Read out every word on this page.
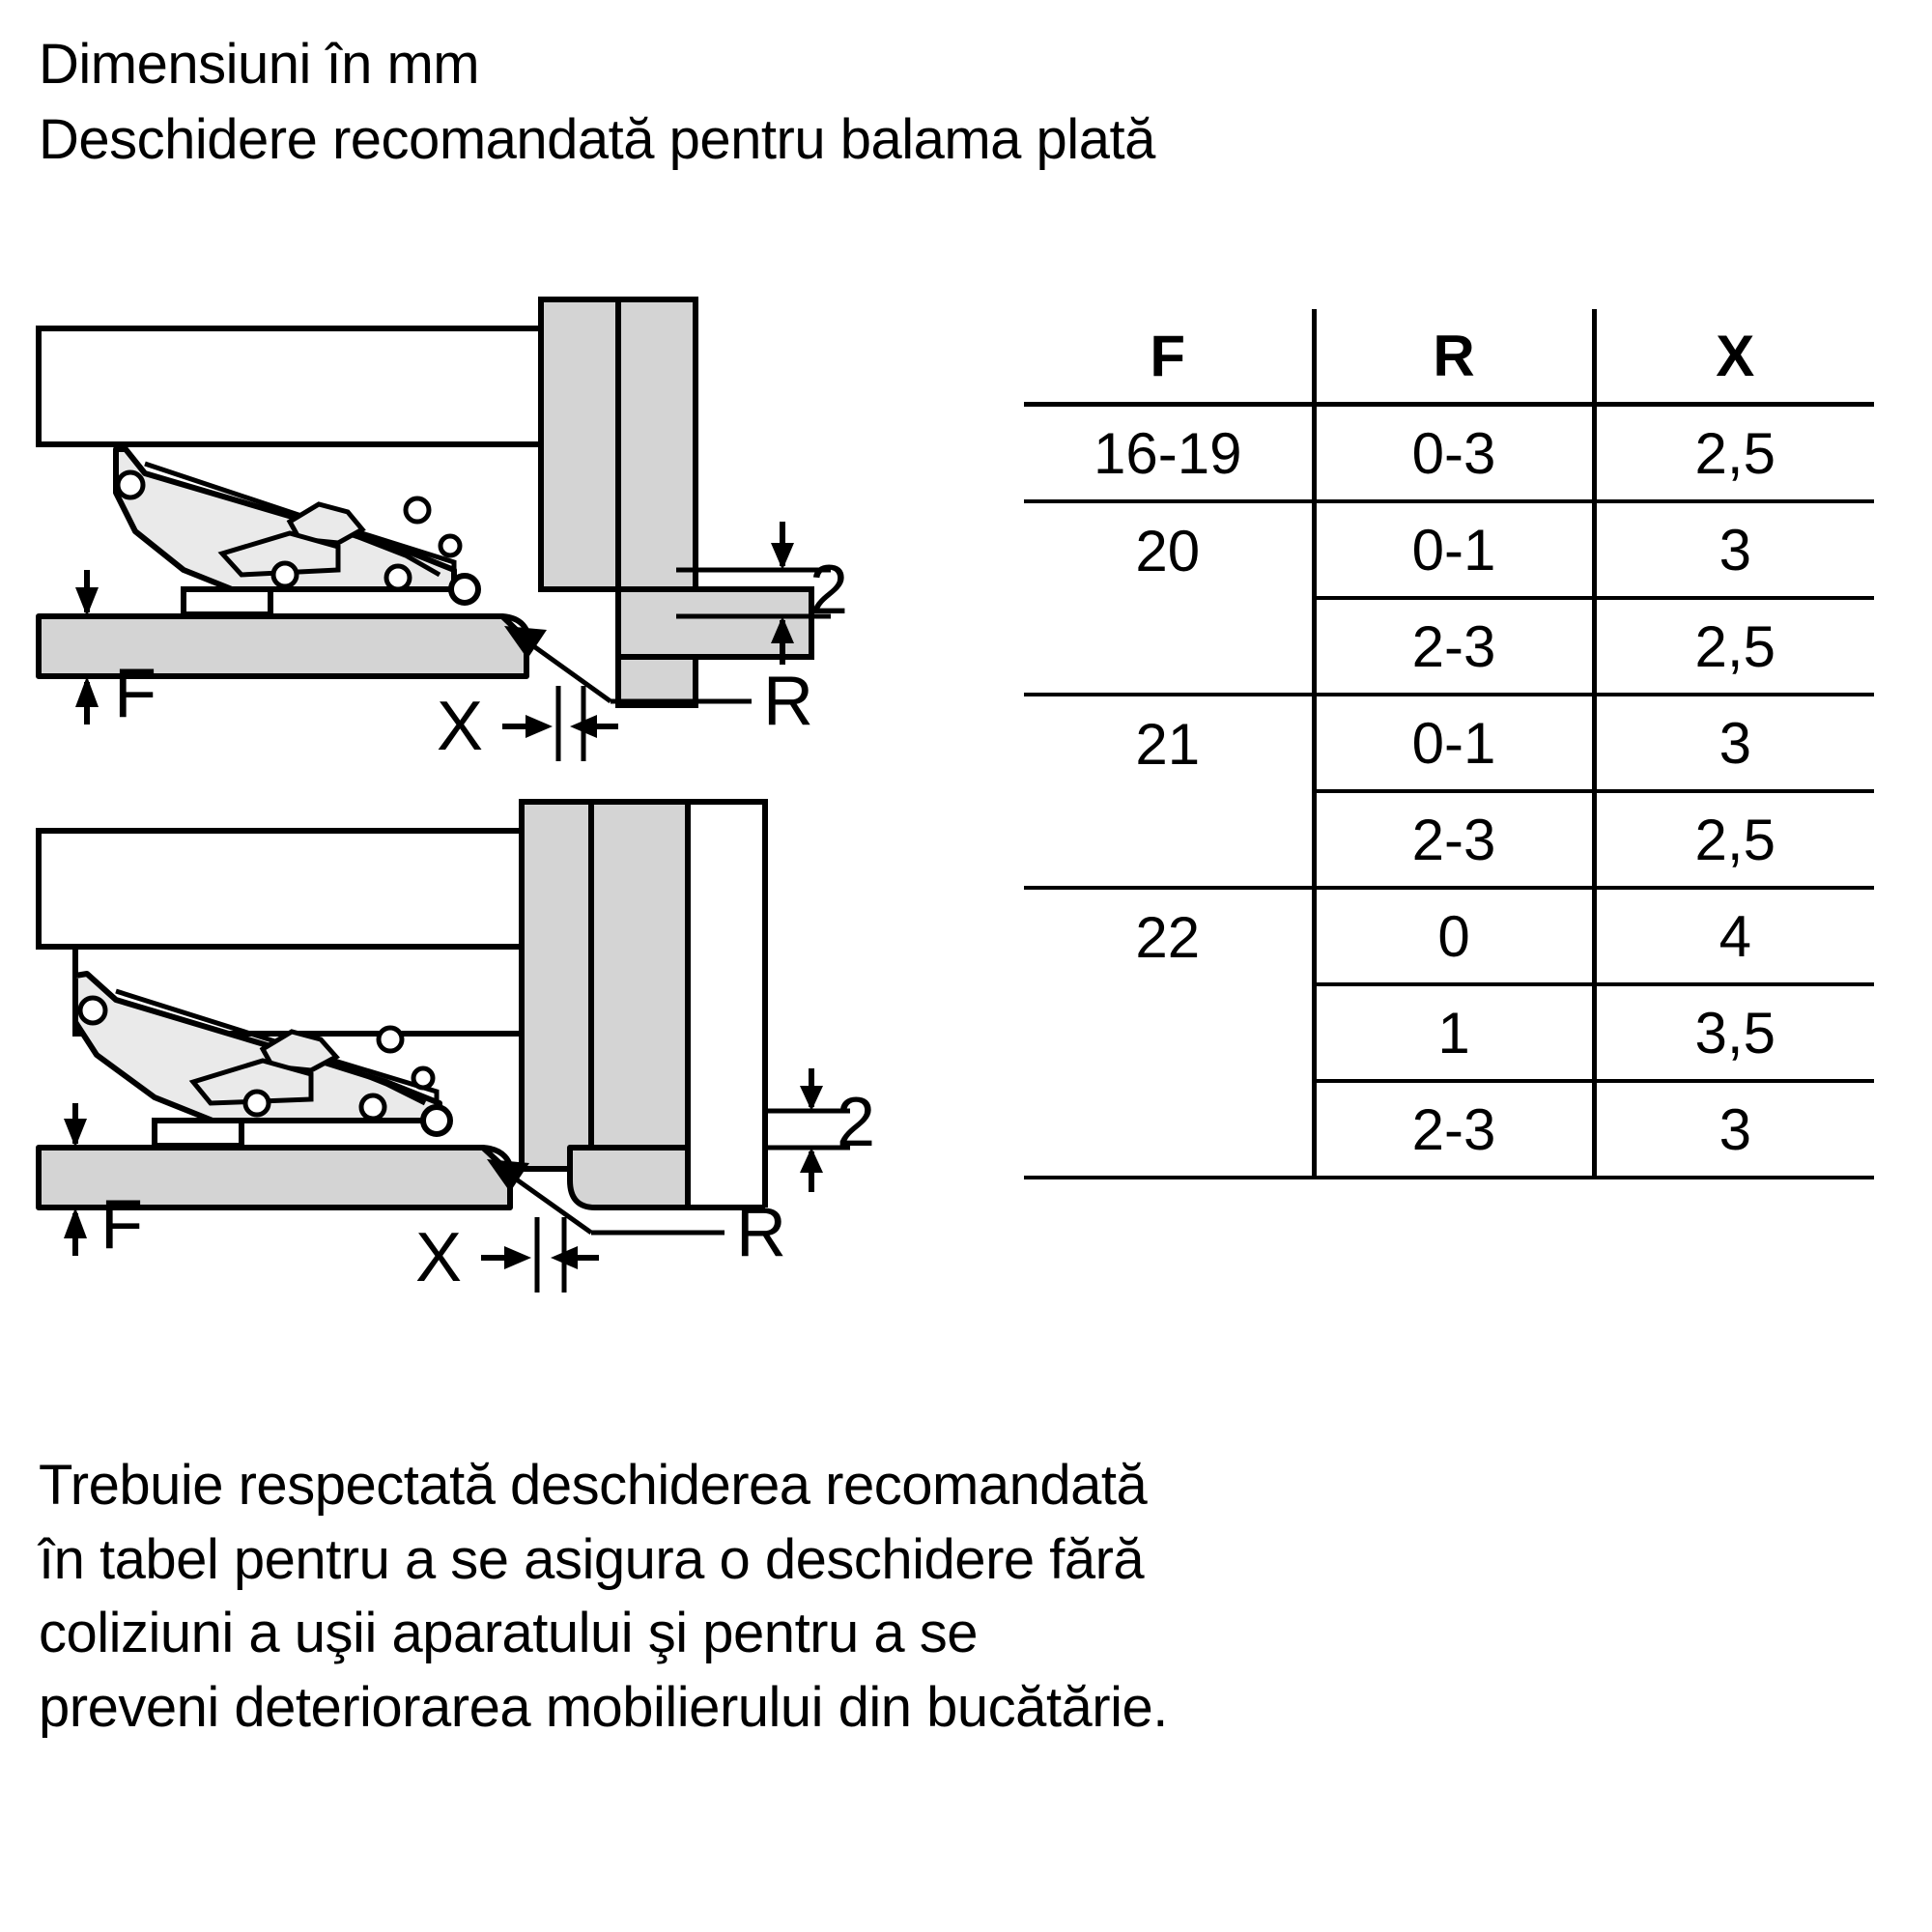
Dimensiuni în mm
Deschidere recomandată pentru balama plată
2
F	X	R
2
F	X	R
F	R	X
16-19	0-3	2,5
20	0-1	3
	2-3	2,5
21	0-1	3
	2-3	2,5
22	0	4
	1	3,5
	2-3	3
Trebuie respectată deschiderea recomandată
în tabel pentru a se asigura o deschidere fără
coliziuni a uşii aparatului şi pentru a se
preveni deteriorarea mobilierului din bucătărie.
